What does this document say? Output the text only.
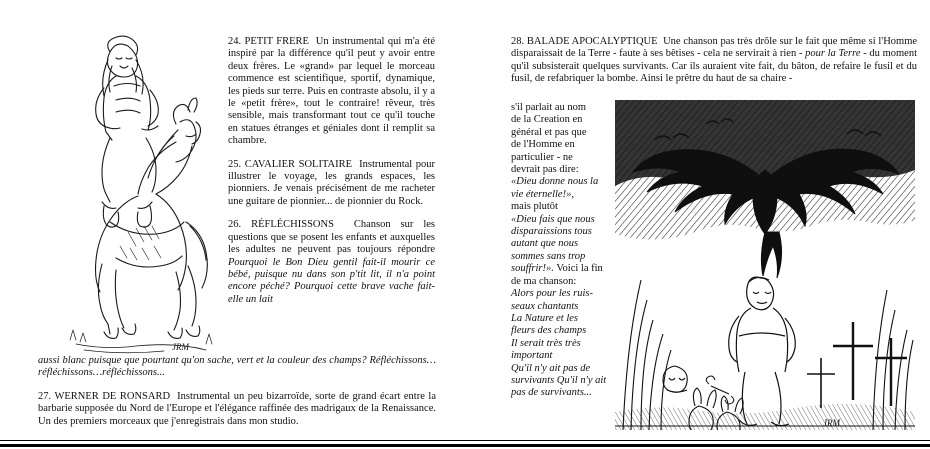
JRM

24. PETIT FRERE Un instrumental qui m'a été inspiré par la différence qu'il peut y avoir entre deux frères. Le «grand» par lequel le morceau commence est scientifique, sportif, dynamique, les pieds sur terre. Puis en contraste absolu, il y a le «petit frère», tout le contraire! rêveur, très sensible, mais transformant tout ce qu'il touche en statues étranges et géniales dont il remplit sa chambre.

25. CAVALIER SOLITAIRE Instrumental pour illustrer le voyage, les grands espaces, les pionniers. Je venais précisément de me racheter une guitare de pionnier... de pionnier du Rock.

26. RÉFLÉCHISSONS Chanson sur les questions que se posent les enfants et auxquelles les adultes ne peuvent pas toujours répondre Pourquoi le Bon Dieu gentil fait-il mourir ce bébé, puisque nu dans son p'tit lit, il n'a point encore péché? Pourquoi cette brave vache fait-elle un lait

aussi blanc puisque que pourtant qu'on sache, vert et la couleur des champs? Réfléchissons… réfléchissons…réfléchissons...

27. WERNER DE RONSARD Instrumental un peu bizarroïde, sorte de grand écart entre la barbarie supposée du Nord de l'Europe et l'élégance raffinée des madrigaux de la Renaissance. Un des premiers morceaux que j'enregistrais dans mon studio.

28. BALADE APOCALYPTIQUE Une chanson pas très drôle sur le fait que même si l'Homme disparaissait de la Terre - faute à ses bêtises - cela ne servirait à rien - pour la Terre - du moment qu'il subsisterait quelques survivants. Car ils auraient vite fait, du bâton, de refaire le fusil et du fusil, de refabriquer la bombe. Ainsi le prêtre du haut de sa chaire -
s'il parlait au nom
de la Creation en
général et pas que
de l'Homme en
particulier - ne
devrait pas dire:
«Dieu donne nous la vie éternelle!»,
mais plutôt
«Dieu fais que nous disparaissions tous autant que nous sommes sans trop souffrir!». Voici la fin de ma chanson:
Alors pour les ruis-
seaux chantants
La Nature et les
fleurs des champs
Il serait très très
important
Qu'il n'y ait pas de
survivants Qu'il n'y ait
pas de survivants...
JRM
